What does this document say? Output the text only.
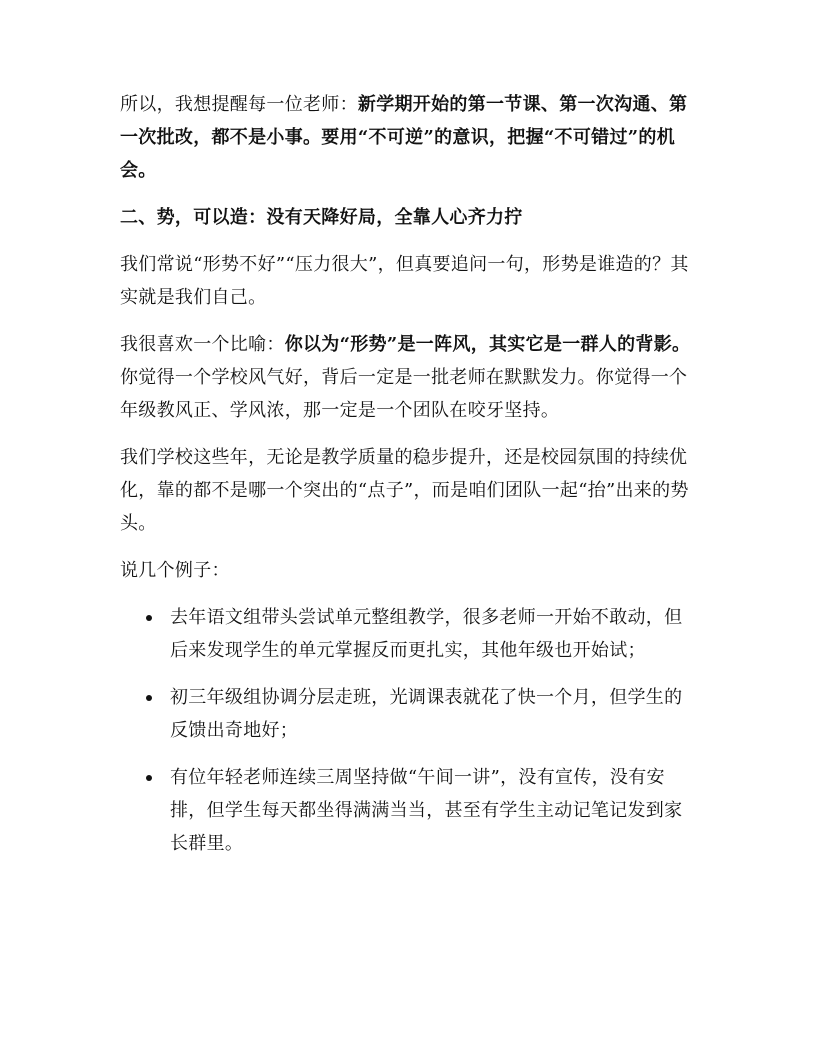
所以，我想提醒每一位老师：新学期开始的第一节课、第一次沟通、第一次批改，都不是小事。要用“不可逆”的意识，把握“不可错过”的机会。

二、势，可以造：没有天降好局，全靠人心齐力拧

我们常说“形势不好”“压力很大”，但真要追问一句，形势是谁造的？其实就是我们自己。

我很喜欢一个比喻：你以为“形势”是一阵风，其实它是一群人的背影。你觉得一个学校风气好，背后一定是一批老师在默默发力。你觉得一个年级教风正、学风浓，那一定是一个团队在咬牙坚持。

我们学校这些年，无论是教学质量的稳步提升，还是校园氛围的持续优化，靠的都不是哪一个突出的“点子”，而是咱们团队一起“抬”出来的势头。

说几个例子：

去年语文组带头尝试单元整组教学，很多老师一开始不敢动，但后来发现学生的单元掌握反而更扎实，其他年级也开始试；

初三年级组协调分层走班，光调课表就花了快一个月，但学生的反馈出奇地好；

有位年轻老师连续三周坚持做“午间一讲”，没有宣传，没有安排，但学生每天都坐得满满当当，甚至有学生主动记笔记发到家长群里。
